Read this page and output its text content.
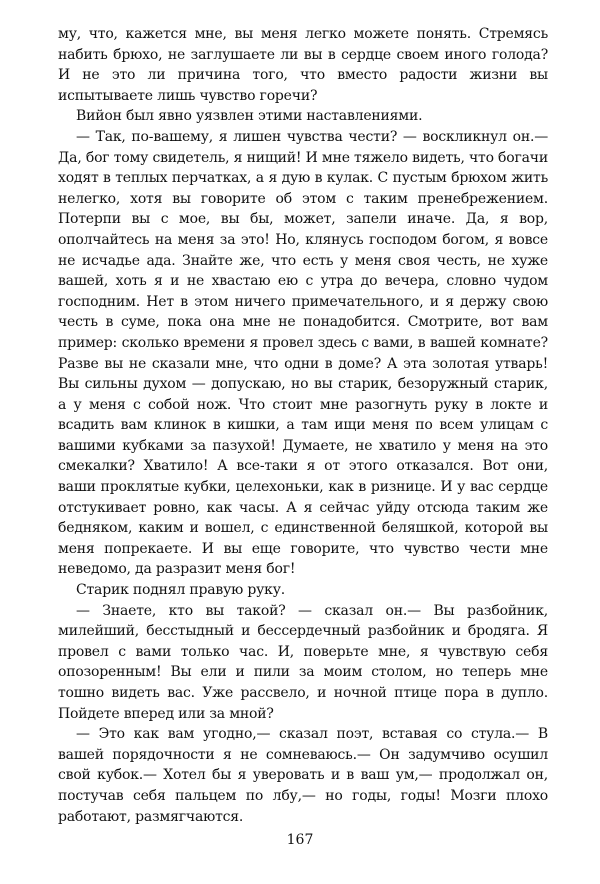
му, что, кажется мне, вы меня легко можете понять. Стремясь набить брюхо, не заглушаете ли вы в сердце своем иного голода? И не это ли причина того, что вместо радости жизни вы испытываете лишь чувство горечи?

Вийон был явно уязвлен этими наставлениями.

— Так, по-вашему, я лишен чувства чести? — воскликнул он.— Да, бог тому свидетель, я нищий! И мне тяжело видеть, что богачи ходят в теплых перчатках, а я дую в кулак. С пустым брюхом жить нелегко, хотя вы говорите об этом с таким пренебрежением. Потерпи вы с мое, вы бы, может, запели иначе. Да, я вор, ополчайтесь на меня за это! Но, клянусь господом богом, я вовсе не исчадье ада. Знайте же, что есть у меня своя честь, не хуже вашей, хоть я и не хвастаю ею с утра до вечера, словно чудом господним. Нет в этом ничего примечательного, и я держу свою честь в суме, пока она мне не понадобится. Смотрите, вот вам пример: сколько времени я провел здесь с вами, в вашей комнате? Разве вы не сказали мне, что одни в доме? А эта золотая утварь! Вы сильны духом — допускаю, но вы старик, безоружный старик, а у меня с собой нож. Что стоит мне разогнуть руку в локте и всадить вам клинок в кишки, а там ищи меня по всем улицам с вашими кубками за пазухой! Думаете, не хватило у меня на это смекалки? Хватило! А все-таки я от этого отказался. Вот они, ваши проклятые кубки, целехоньки, как в ризнице. И у вас сердце отстукивает ровно, как часы. А я сейчас уйду отсюда таким же бедняком, каким и вошел, с единственной беляшкой, которой вы меня попрекаете. И вы еще говорите, что чувство чести мне неведомо, да разразит меня бог!

Старик поднял правую руку.

— Знаете, кто вы такой? — сказал он.— Вы разбойник, милейший, бесстыдный и бессердечный разбойник и бродяга. Я провел с вами только час. И, поверьте мне, я чувствую себя опозоренным! Вы ели и пили за моим столом, но теперь мне тошно видеть вас. Уже рассвело, и ночной птице пора в дупло. Пойдете вперед или за мной?

— Это как вам угодно,— сказал поэт, вставая со стула.— В вашей порядочности я не сомневаюсь.— Он задумчиво осушил свой кубок.— Хотел бы я уверовать и в ваш ум,— продолжал он, постучав себя пальцем по лбу,— но годы, годы! Мозги плохо работают, размягчаются.

167
